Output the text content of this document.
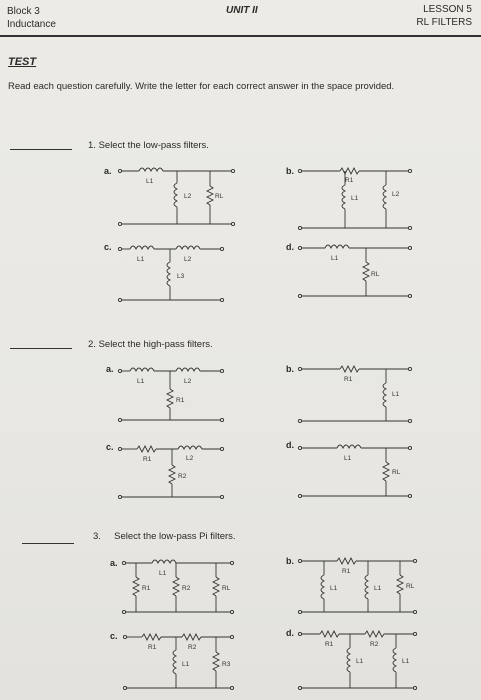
Block 3
Inductance
UNIT II	LESSON 5
RL FILTERS
TEST
Read each question carefully. Write the letter for each correct answer in the space provided.
1. Select the low-pass filters.
a.	b.
c.	d.
2. Select the high-pass filters.
a.	b.
c.	d.
3. Select the low-pass Pi filters.
a.	b.
c.	d.
L1
L2	RL
R1
L1
L2
L1	L2
L3
L1
RL
L1	L2
R1
R1
L1
R1	L2
R2
L1
RL
L1
R1	R2	RL
R1
L1	L1	RL
R1	R2
L1	R3
R1	R2
L1	L1
